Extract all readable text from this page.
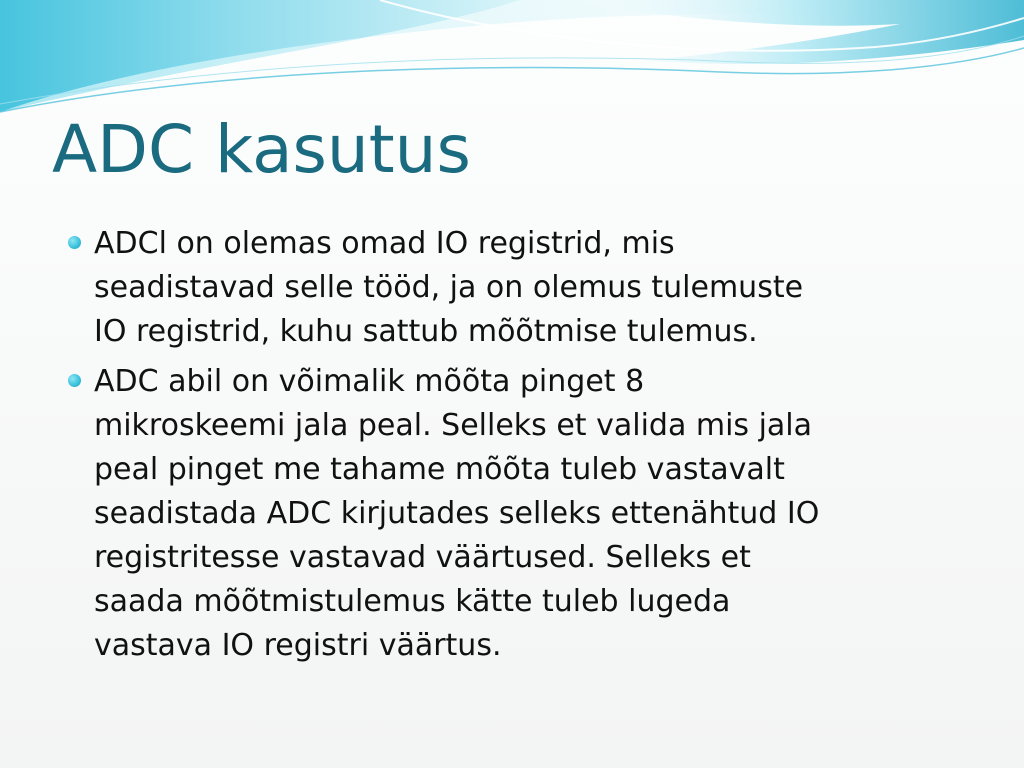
ADC kasutus
ADCl on olemas omad IO registrid, mis
seadistavad selle tööd, ja on olemus tulemuste
IO registrid, kuhu sattub mõõtmise tulemus.
ADC abil on võimalik mõõta pinget 8
mikroskeemi jala peal. Selleks et valida mis jala
peal pinget me tahame mõõta tuleb vastavalt
seadistada ADC kirjutades selleks ettenähtud IO
registritesse vastavad väärtused. Selleks et
saada mõõtmistulemus kätte tuleb lugeda
vastava IO registri väärtus.
